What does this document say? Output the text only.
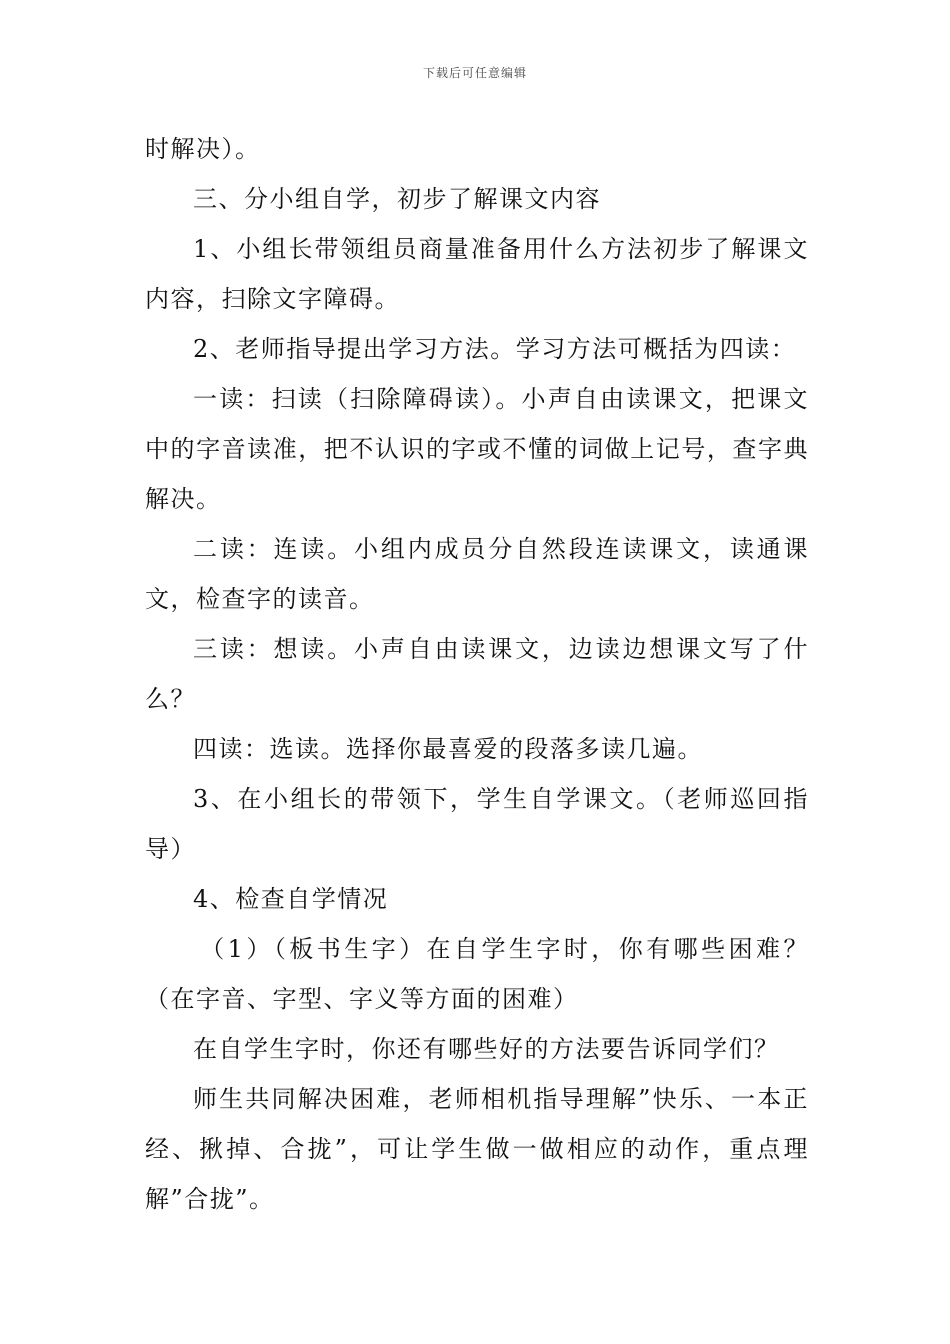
下载后可任意编辑

时解决）。

三、分小组自学，初步了解课文内容

1、小组长带领组员商量准备用什么方法初步了解课文内容，扫除文字障碍。

2、老师指导提出学习方法。学习方法可概括为四读：

一读：扫读（扫除障碍读）。小声自由读课文，把课文中的字音读准，把不认识的字或不懂的词做上记号，查字典解决。

二读：连读。小组内成员分自然段连读课文，读通课文，检查字的读音。

三读：想读。小声自由读课文，边读边想课文写了什么？

四读：选读。选择你最喜爱的段落多读几遍。

3、在小组长的带领下，学生自学课文。（老师巡回指导）

4、检查自学情况

（1）（板书生字）在自学生字时，你有哪些困难？（在字音、字型、字义等方面的困难）

在自学生字时，你还有哪些好的方法要告诉同学们？

师生共同解决困难，老师相机指导理解”快乐、一本正经、揪掉、合拢”，可让学生做一做相应的动作，重点理解”合拢”。
